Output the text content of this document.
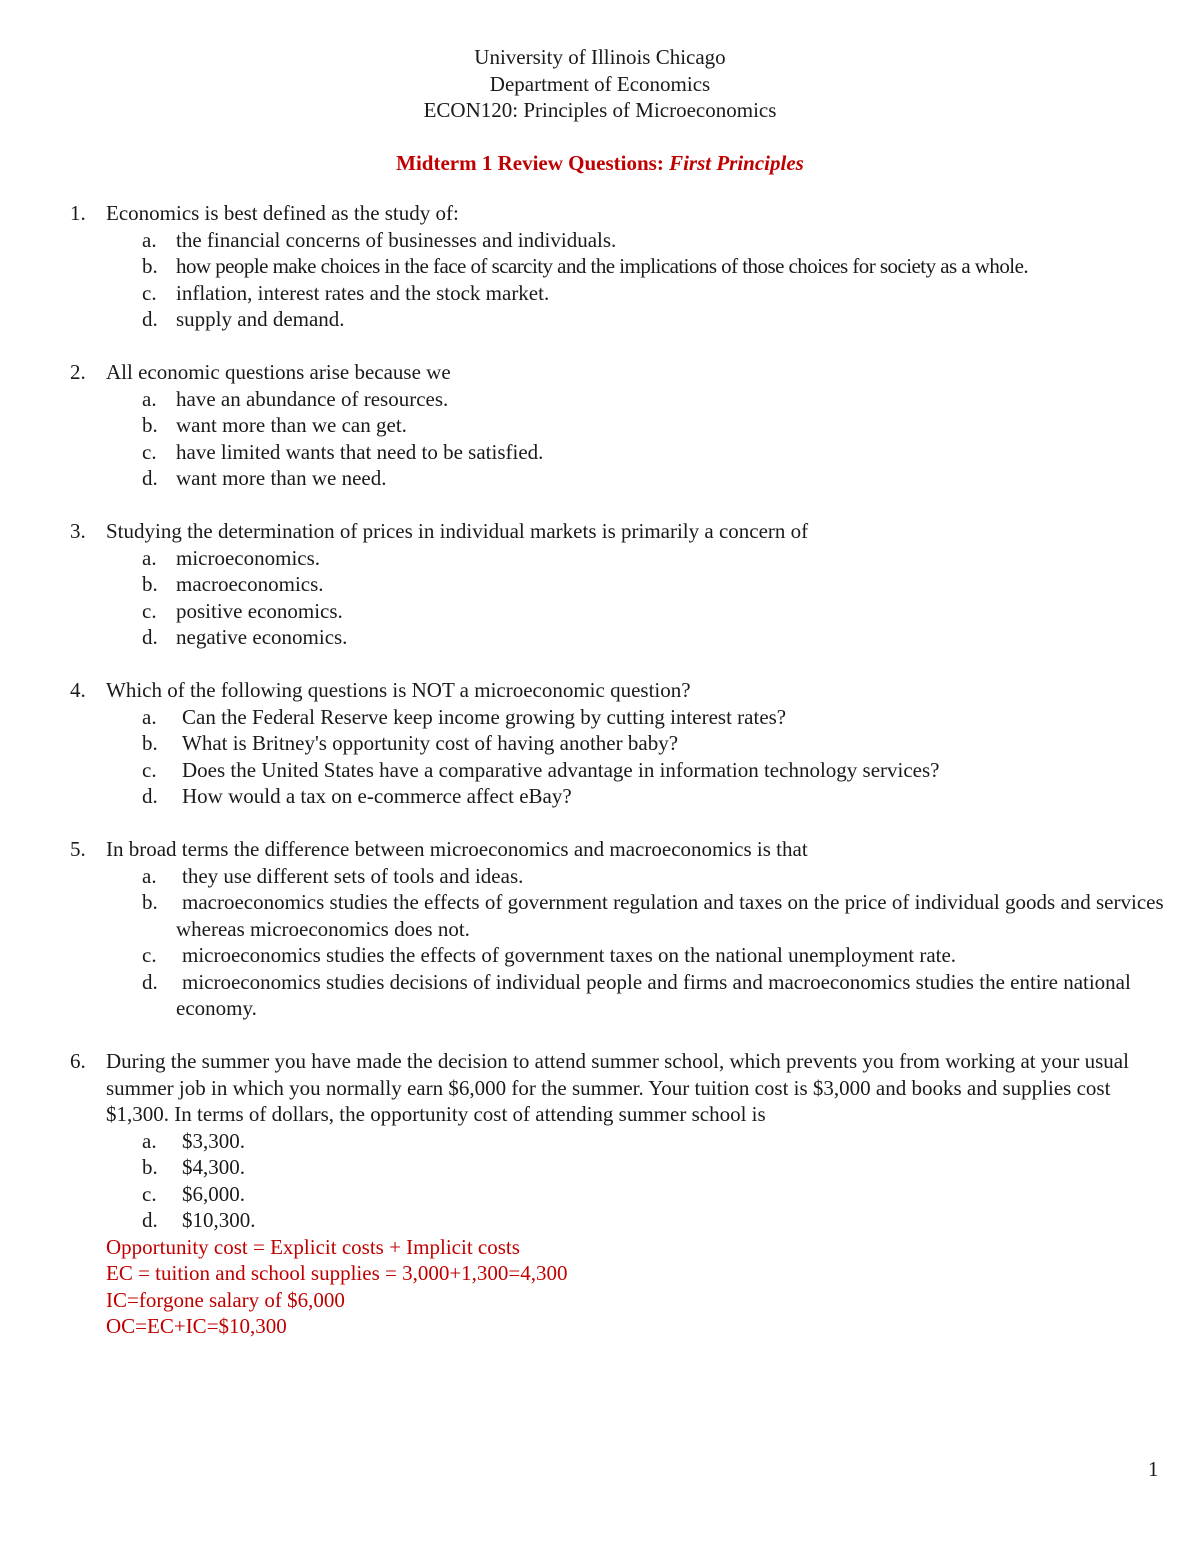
University of Illinois Chicago
Department of Economics
ECON120: Principles of Microeconomics
Midterm 1 Review Questions: First Principles
1. Economics is best defined as the study of:
a. the financial concerns of businesses and individuals.
b. how people make choices in the face of scarcity and the implications of those choices for society as a whole.
c. inflation, interest rates and the stock market.
d. supply and demand.
2. All economic questions arise because we
a. have an abundance of resources.
b. want more than we can get.
c. have limited wants that need to be satisfied.
d. want more than we need.
3. Studying the determination of prices in individual markets is primarily a concern of
a. microeconomics.
b. macroeconomics.
c. positive economics.
d. negative economics.
4. Which of the following questions is NOT a microeconomic question?
a. Can the Federal Reserve keep income growing by cutting interest rates?
b. What is Britney's opportunity cost of having another baby?
c. Does the United States have a comparative advantage in information technology services?
d. How would a tax on e-commerce affect eBay?
5. In broad terms the difference between microeconomics and macroeconomics is that
a. they use different sets of tools and ideas.
b. macroeconomics studies the effects of government regulation and taxes on the price of individual goods and services whereas microeconomics does not.
c. microeconomics studies the effects of government taxes on the national unemployment rate.
d. microeconomics studies decisions of individual people and firms and macroeconomics studies the entire national economy.
6. During the summer you have made the decision to attend summer school, which prevents you from working at your usual summer job in which you normally earn $6,000 for the summer. Your tuition cost is $3,000 and books and supplies cost $1,300. In terms of dollars, the opportunity cost of attending summer school is
a. $3,300.
b. $4,300.
c. $6,000.
d. $10,300.
Opportunity cost = Explicit costs + Implicit costs
EC = tuition and school supplies = 3,000+1,300=4,300
IC=forgone salary of $6,000
OC=EC+IC=$10,300
1
